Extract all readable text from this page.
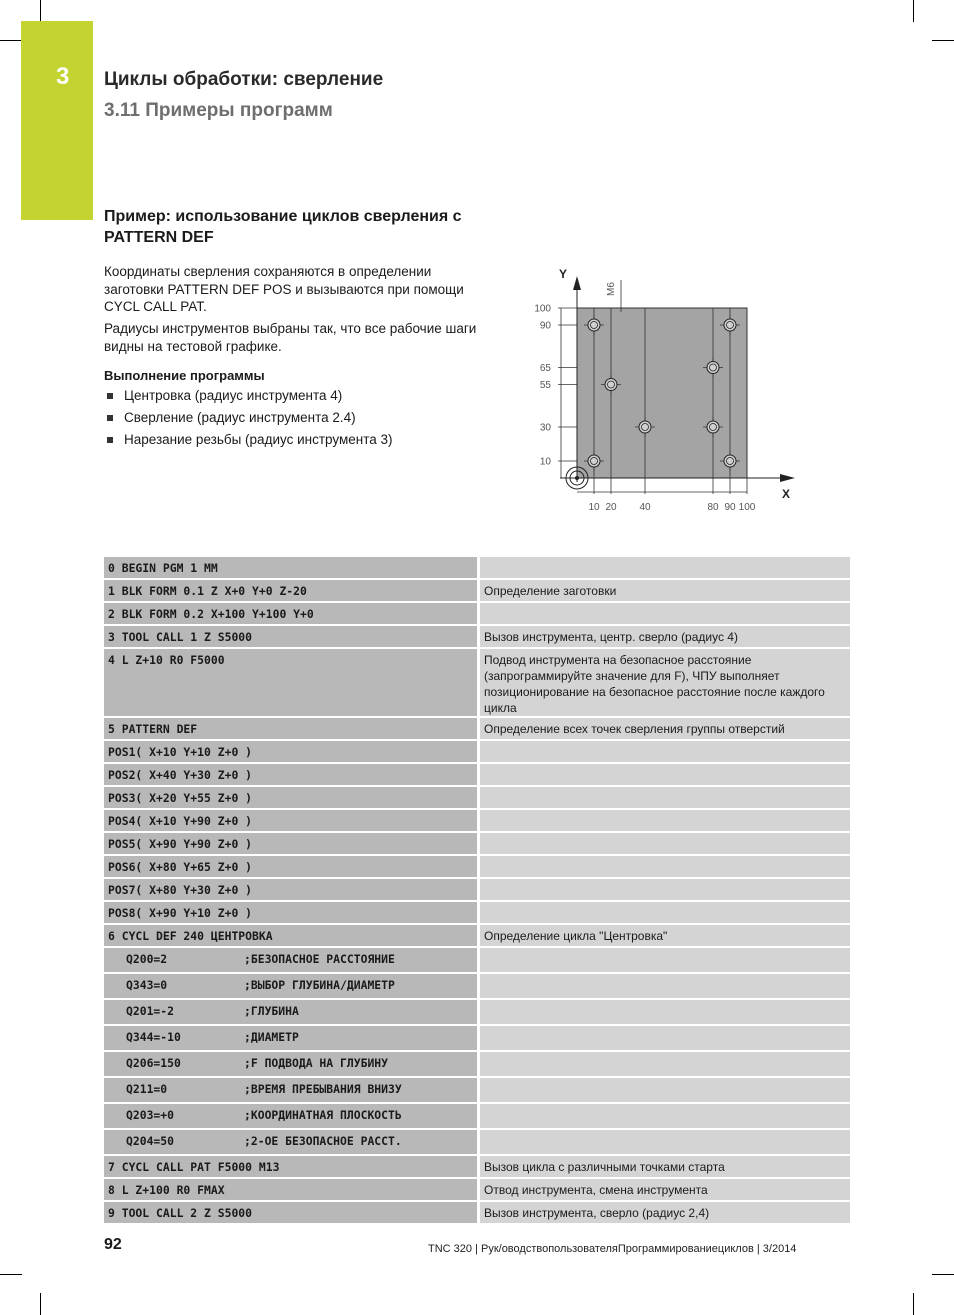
3 Циклы обработки: сверление
3.11 Примеры программ
Пример: использование циклов сверления с PATTERN DEF
Координаты сверления сохраняются в определении заготовки PATTERN DEF POS и вызываются при помощи CYCL CALL PAT.
Радиусы инструментов выбраны так, что все рабочие шаги видны на тестовой графике.
Выполнение программы
Центровка (радиус инструмента 4)
Сверление (радиус инструмента 2.4)
Нарезание резьбы (радиус инструмента 3)
100
90
65
55
30
10
10 20 40	80 90 100
Y
X
M6
0 BEGIN PGM 1 MM	
1 BLK FORM 0.1 Z X+0 Y+0 Z-20	Определение заготовки
2 BLK FORM 0.2 X+100 Y+100 Y+0	
3 TOOL CALL 1 Z S5000	Вызов инструмента, центр. сверло (радиус 4)
4 L Z+10 R0 F5000	Подвод инструмента на безопасное расстояние (запрограммируйте значение для F), ЧПУ выполняет позиционирование на безопасное расстояние после каждого цикла
5 PATTERN DEF	Определение всех точек сверления группы отверстий
POS1( X+10 Y+10 Z+0 )	
POS2( X+40 Y+30 Z+0 )	
POS3( X+20 Y+55 Z+0 )	
POS4( X+10 Y+90 Z+0 )	
POS5( X+90 Y+90 Z+0 )	
POS6( X+80 Y+65 Z+0 )	
POS7( X+80 Y+30 Z+0 )	
POS8( X+90 Y+10 Z+0 )	
6 CYCL DEF 240 ЦЕНТРОВКА	Определение цикла "Центровка"
Q200=2 ;БЕЗОПАСНОЕ РАССТОЯНИЕ	
Q343=0 ;ВЫБОР ГЛУБИНА/ДИАМЕТР	
Q201=-2 ;ГЛУБИНА	
Q344=-10 ;ДИАМЕТР	
Q206=150 ;F ПОДВОДА НА ГЛУБИНУ	
Q211=0 ;ВРЕМЯ ПРЕБЫВАНИЯ ВНИЗУ	
Q203=+0 ;КООРДИНАТНАЯ ПЛОСКОСТЬ	
Q204=50 ;2-ОЕ БЕЗОПАСНОЕ РАССТ.	
7 CYCL CALL PAT F5000 M13	Вызов цикла с различными точками старта
8 L Z+100 R0 FMAX	Отвод инструмента, смена инструмента
9 TOOL CALL 2 Z S5000	Вызов инструмента, сверло (радиус 2,4)
92	TNC 320 | Рук/оводствопользователяПрограммированиециклов | 3/2014
